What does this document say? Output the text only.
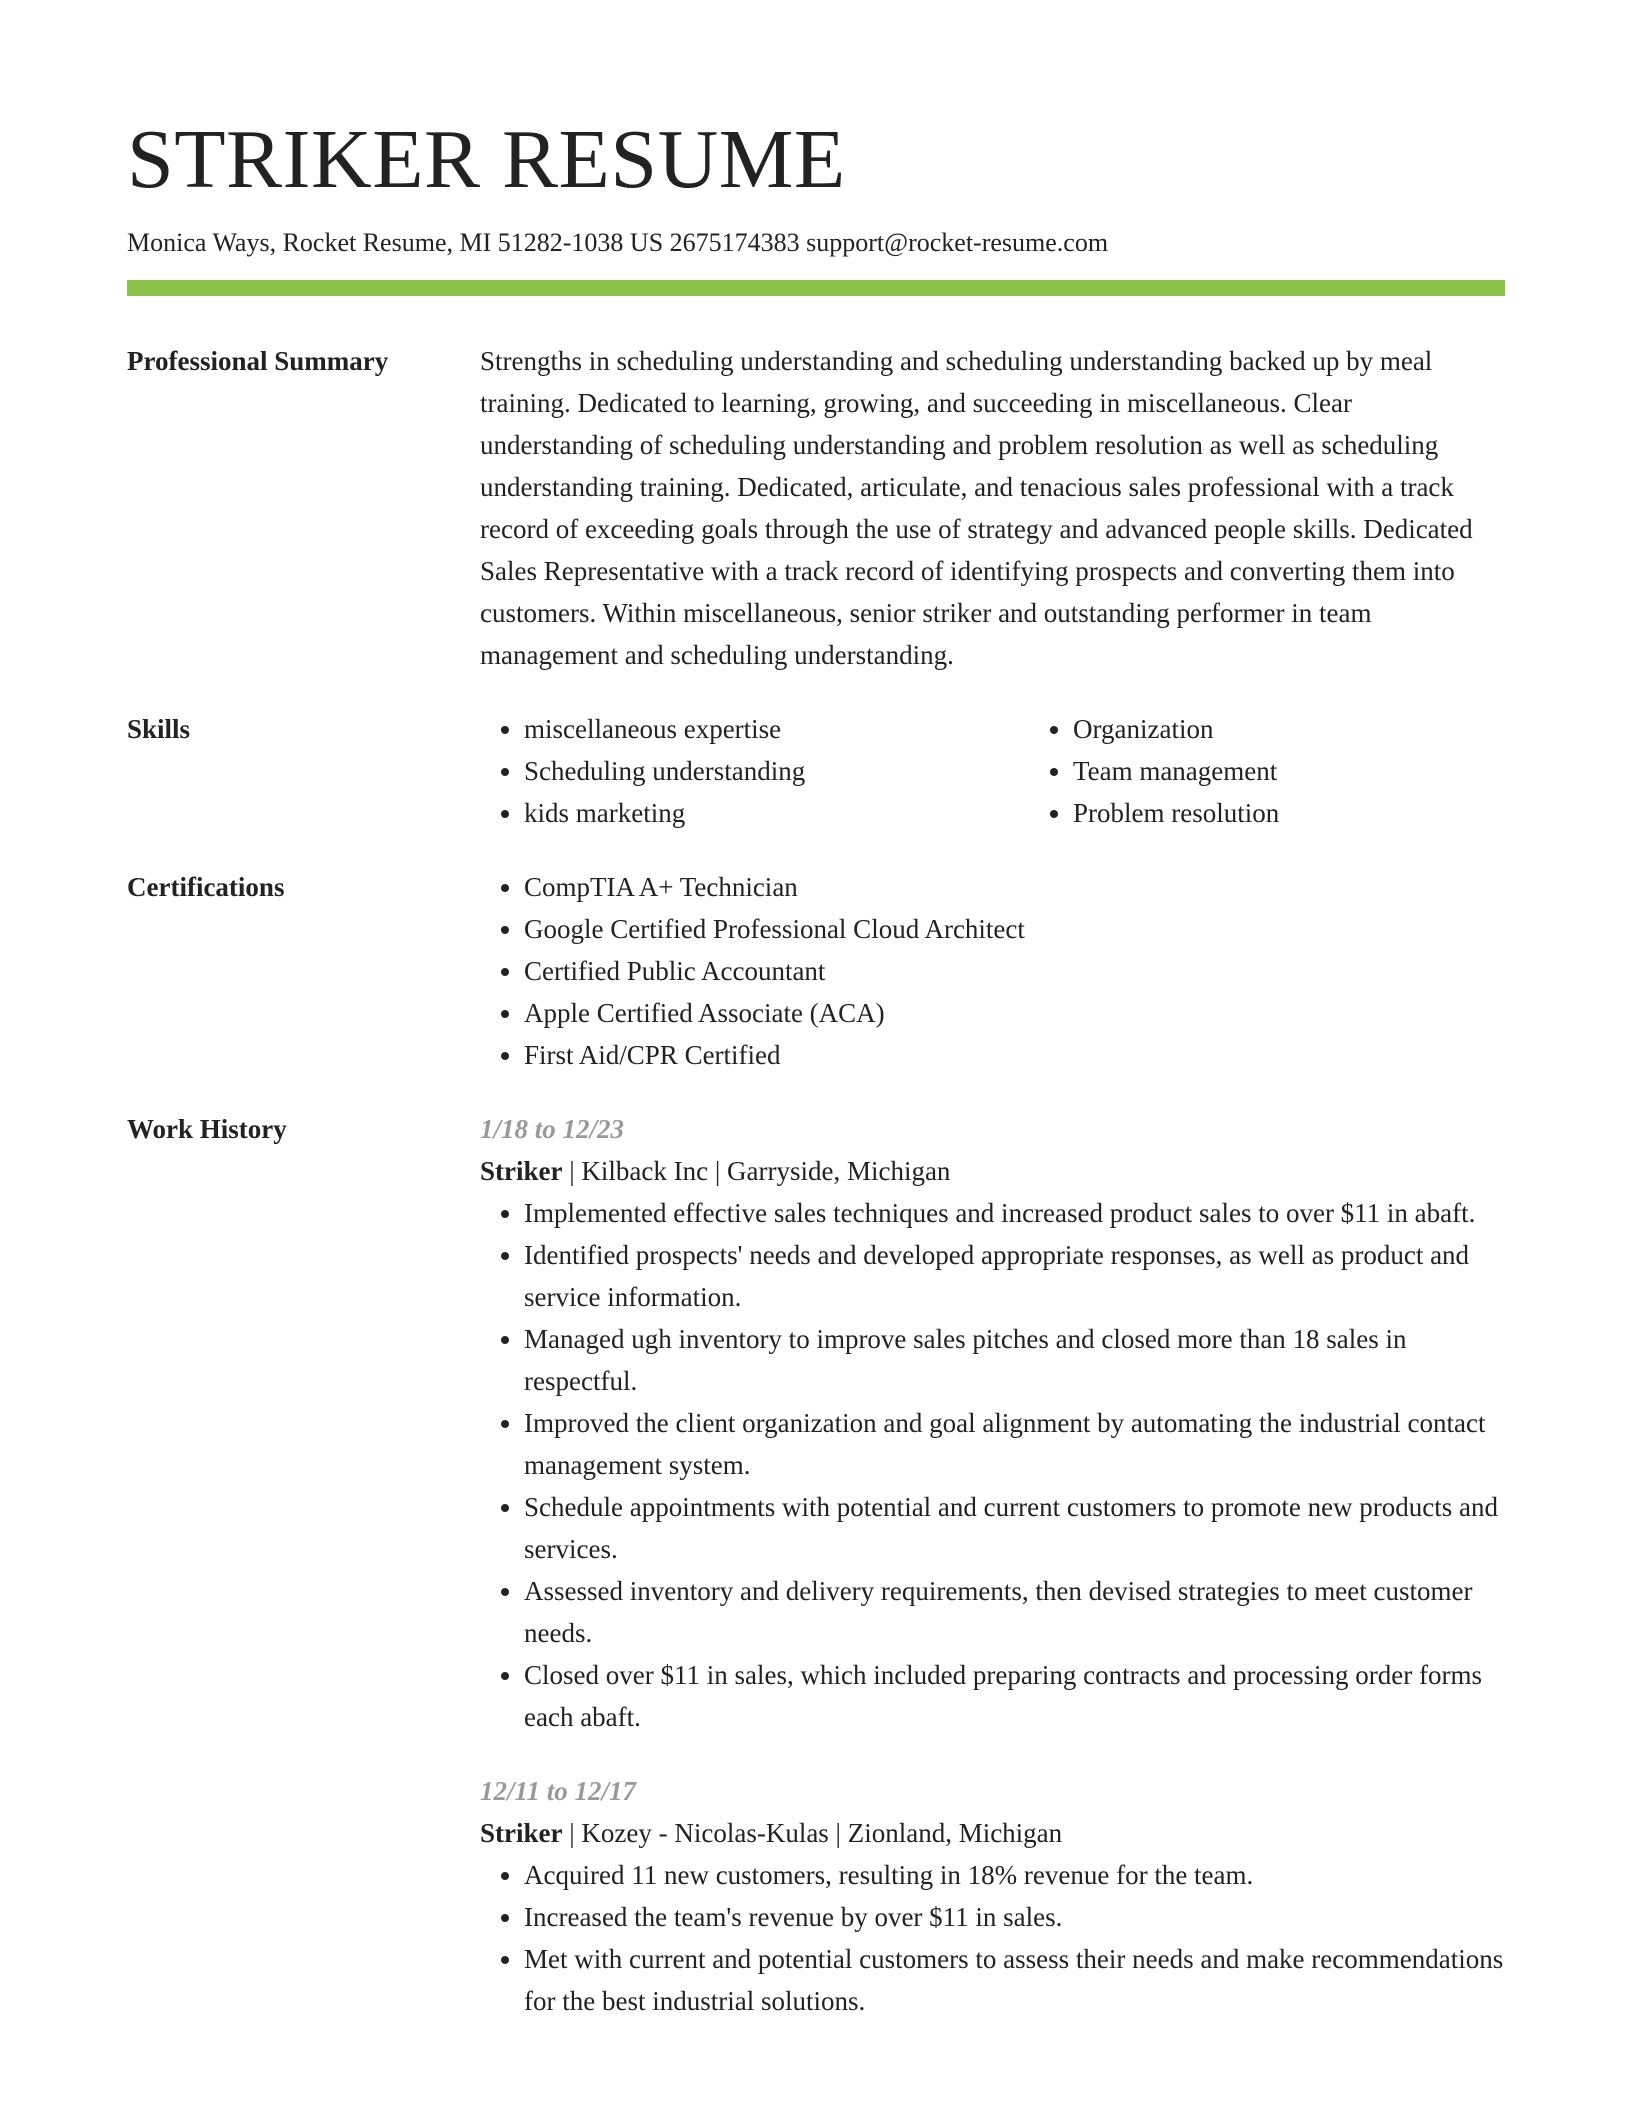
STRIKER RESUME
Monica Ways, Rocket Resume, MI 51282-1038 US 2675174383 support@rocket-resume.com
Professional Summary	Strengths in scheduling understanding and scheduling understanding backed up by meal training. Dedicated to learning, growing, and succeeding in miscellaneous. Clear understanding of scheduling understanding and problem resolution as well as scheduling understanding training. Dedicated, articulate, and tenacious sales professional with a track record of exceeding goals through the use of strategy and advanced people skills. Dedicated Sales Representative with a track record of identifying prospects and converting them into customers. Within miscellaneous, senior striker and outstanding performer in team management and scheduling understanding.
Skills	• miscellaneous expertise
• Scheduling understanding
• kids marketing
• Organization
• Team management
• Problem resolution
Certifications	• CompTIA A+ Technician
• Google Certified Professional Cloud Architect
• Certified Public Accountant
• Apple Certified Associate (ACA)
• First Aid/CPR Certified
Work History	1/18 to 12/23
Striker | Kilback Inc | Garryside, Michigan
• Implemented effective sales techniques and increased product sales to over $11 in abaft.
• Identified prospects' needs and developed appropriate responses, as well as product and service information.
• Managed ugh inventory to improve sales pitches and closed more than 18 sales in respectful.
• Improved the client organization and goal alignment by automating the industrial contact management system.
• Schedule appointments with potential and current customers to promote new products and services.
• Assessed inventory and delivery requirements, then devised strategies to meet customer needs.
• Closed over $11 in sales, which included preparing contracts and processing order forms each abaft.
12/11 to 12/17
Striker | Kozey - Nicolas-Kulas | Zionland, Michigan
• Acquired 11 new customers, resulting in 18% revenue for the team.
• Increased the team's revenue by over $11 in sales.
• Met with current and potential customers to assess their needs and make recommendations for the best industrial solutions.
